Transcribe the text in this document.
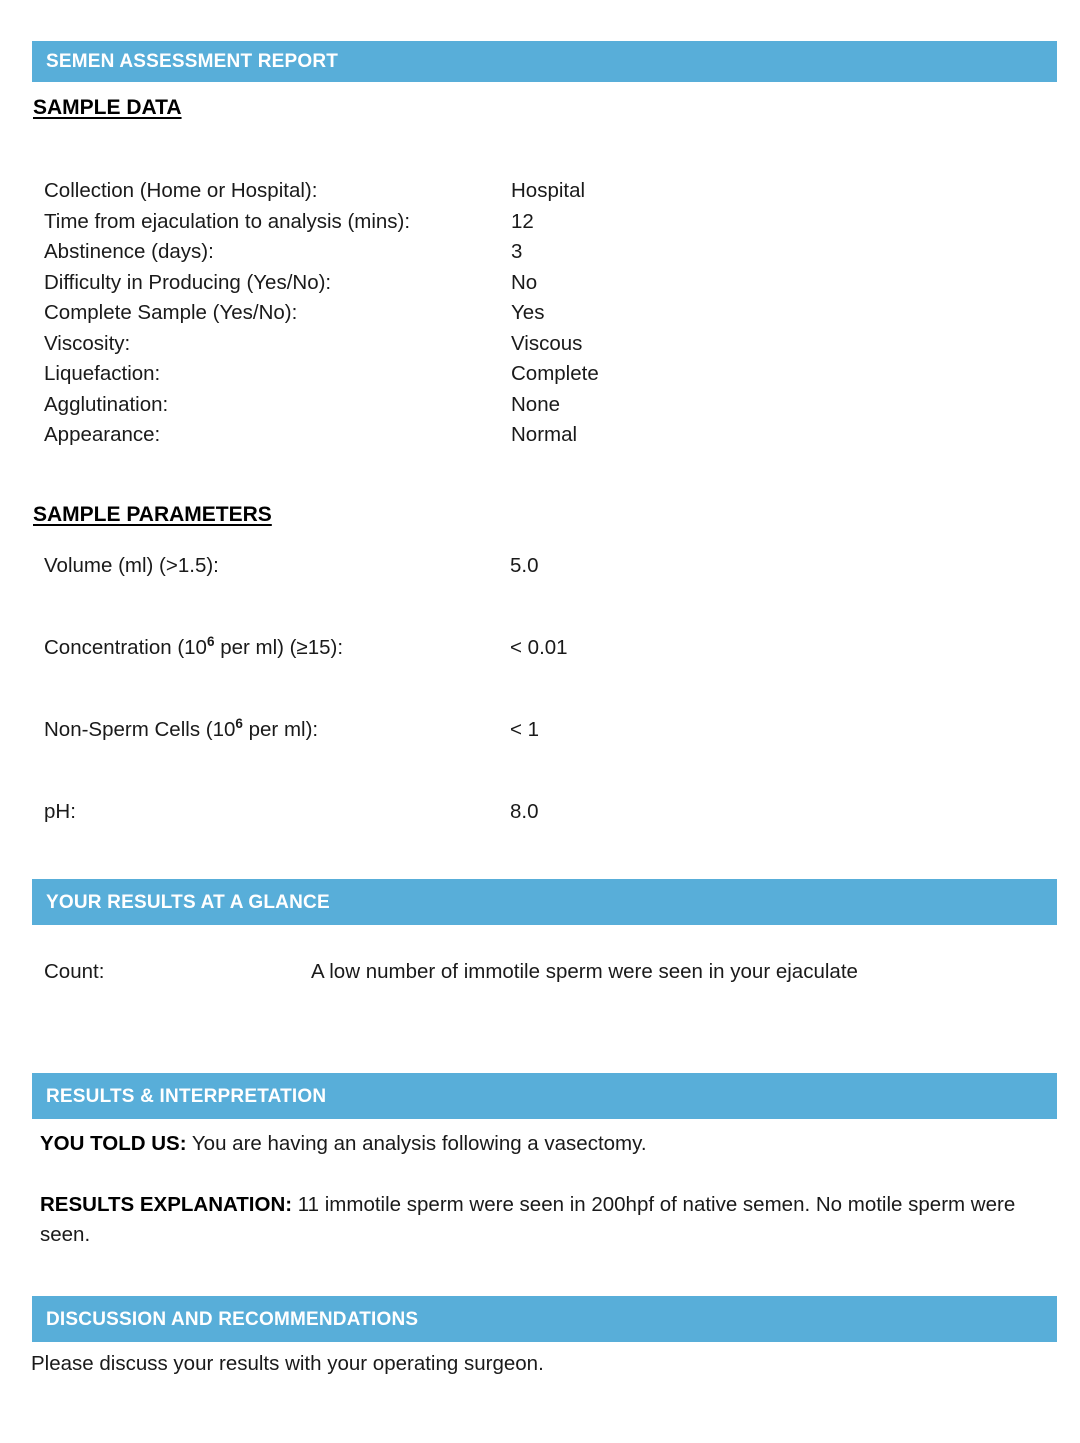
SEMEN ASSESSMENT REPORT
SAMPLE DATA
Collection (Home or Hospital):	Hospital
Time from ejaculation to analysis (mins):	12
Abstinence (days):	3
Difficulty in Producing (Yes/No):	No
Complete Sample (Yes/No):	Yes
Viscosity:	Viscous
Liquefaction:	Complete
Agglutination:	None
Appearance:	Normal
SAMPLE PARAMETERS
Volume (ml) (>1.5):	5.0
Concentration ($10^6$ per ml) (≥15):	< 0.01
Non-Sperm Cells ($10^6$ per ml):	< 1
pH:	8.0
YOUR RESULTS AT A GLANCE
Count:	A low number of immotile sperm were seen in your ejaculate
RESULTS & INTERPRETATION
YOU TOLD US: You are having an analysis following a vasectomy.
RESULTS EXPLANATION: 11 immotile sperm were seen in 200hpf of native semen. No motile sperm were seen.
DISCUSSION AND RECOMMENDATIONS
Please discuss your results with your operating surgeon.
